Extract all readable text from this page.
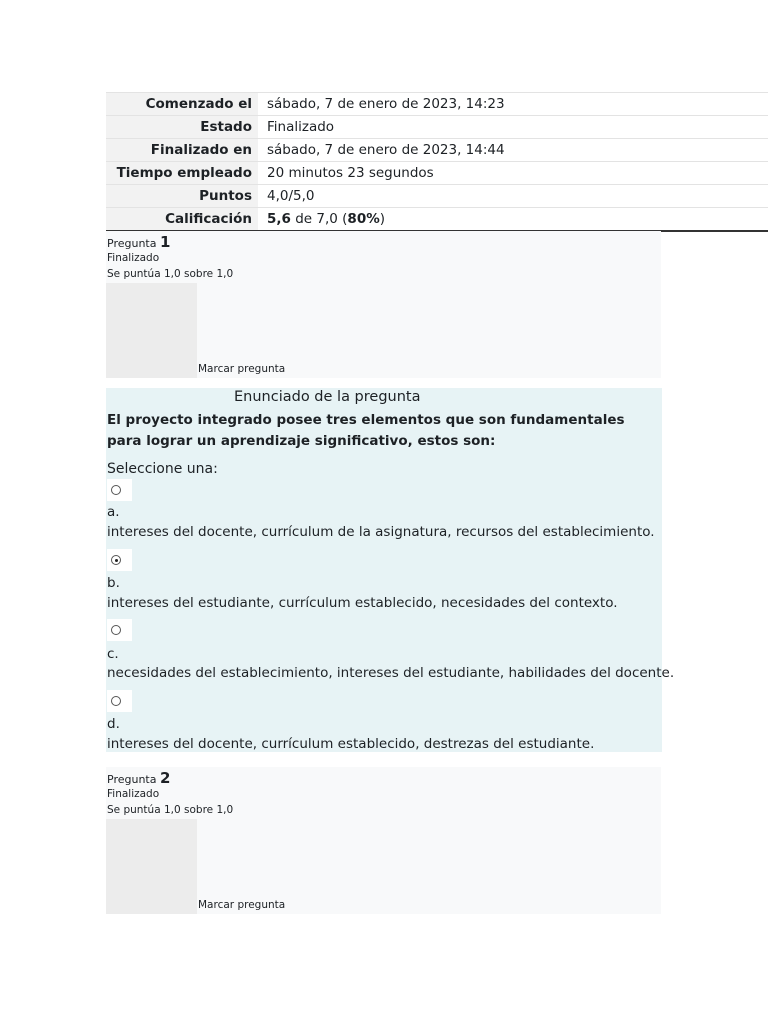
Comenzado el	sábado, 7 de enero de 2023, 14:23
Estado	Finalizado
Finalizado en	sábado, 7 de enero de 2023, 14:44
Tiempo empleado	20 minutos 23 segundos
Puntos	4,0/5,0
Calificación	5,6 de 7,0 (80%)
Pregunta 1
Finalizado
Se puntúa 1,0 sobre 1,0
Marcar pregunta
Enunciado de la pregunta
El proyecto integrado posee tres elementos que son fundamentales para lograr un aprendizaje significativo, estos son:
Seleccione una:
a.
intereses del docente, currículum de la asignatura, recursos del establecimiento.
b.
intereses del estudiante, currículum establecido, necesidades del contexto.
c.
necesidades del establecimiento, intereses del estudiante, habilidades del docente.
d.
intereses del docente, currículum establecido, destrezas del estudiante.
Pregunta 2
Finalizado
Se puntúa 1,0 sobre 1,0
Marcar pregunta
